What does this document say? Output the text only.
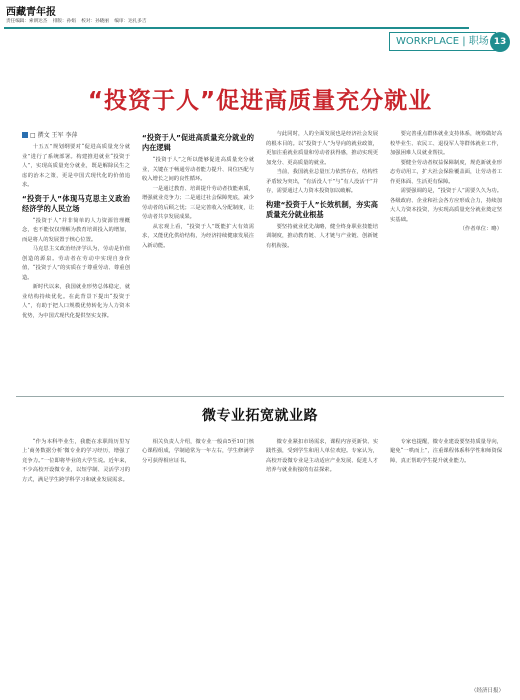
西藏青年报
责任编辑：索朗达杰 排版：孙娟 校对：孙晓丽 编审：达扎多吉
WORKPLACE | 职场 13
“投资于人”促进高质量充分就业
□ 撰文 王军 李萍

十五五”规划纲要对“促进高质量充分就业”进行了系统部署。构建推进就业“投资于人”，实现高质量充分就业，既是解除民生之虑的治本之策，更是中国式现代化的价值追求。

“投资于人”体现马克思主义政治经济学的人民立场

“投资于人”并非简单的人力资源管理概念，也不能仅仅理解为教育培训投入的增加，而是将人的发展置于核心位置。

马克思主义政治经济学认为，劳动是价值创造的源泉。劳动者在劳动中实现自身价值，“投资于人”的实质在于尊重劳动、尊重创造。

新时代以来，我国就业形势总体稳定，就业结构持续优化。在此背景下提出“投资于人”，有助于把人口规模优势转化为人力资本优势，为中国式现代化提供坚实支撑。

“投资于人”促进高质量充分就业的内在逻辑

“投资于人”之所以能够促进高质量充分就业，关键在于畅通劳动者能力提升、岗位匹配与收入增长之间的良性循环。

一是通过教育、培训提升劳动者技能素质，增强就业竞争力；二是通过社会保障兜底，减少劳动者的后顾之忧；三是完善收入分配制度，让劳动者共享发展成果。

从宏观上看，“投资于人”既能扩大有效需求，又能优化供给结构，为经济持续健康发展注入新动能。

与此同时，人的全面发展也是经济社会发展的根本目的。以“投资于人”为导向的就业政策，更加注重就业质量和劳动者获得感，推动实现更加充分、更高质量的就业。

当前，我国就业总量压力依然存在，结构性矛盾较为突出，“有活没人干”与“有人没活干”并存，需要通过人力资本投资加以破解。

构建“投资于人”长效机制，夯实高质量充分就业根基

要坚持就业优先战略，健全终身职业技能培训制度，推动教育链、人才链与产业链、创新链有机衔接。

要完善重点群体就业支持体系，统筹做好高校毕业生、农民工、退役军人等群体就业工作，加强困难人员就业帮扶。

要健全劳动者权益保障制度，规范新就业形态劳动用工，扩大社会保险覆盖面，让劳动者工作更体面、生活更有保障。

需要强调的是，“投资于人”需要久久为功。各级政府、企业和社会各方应形成合力，持续加大人力资本投资，为实现高质量充分就业奠定坚实基础。

（作者单位：略）

微专业拓宽就业路

“作为本科毕业生，我能在求职简历里写上‘商务数据分析’微专业的学习经历，增强了竞争力。”一位即将毕业的大学生说。近年来，不少高校开设微专业，以短学制、灵活学习的方式，满足学生跨学科学习和就业发展需求。

相关负责人介绍，微专业一般由5至10门核心课程组成，学制通常为一年左右，学生修满学分可获得相应证书。

微专业紧扣市场需求，课程内容更新快、实践性强，受到学生和用人单位欢迎。专家认为，高校开设微专业是主动适应产业发展、促进人才培养与就业衔接的有益探索。

专家也提醒，微专业建设要坚持质量导向，避免“一哄而上”，注重课程体系科学性和师资保障，真正帮助学生提升就业能力。

（经济日报）
